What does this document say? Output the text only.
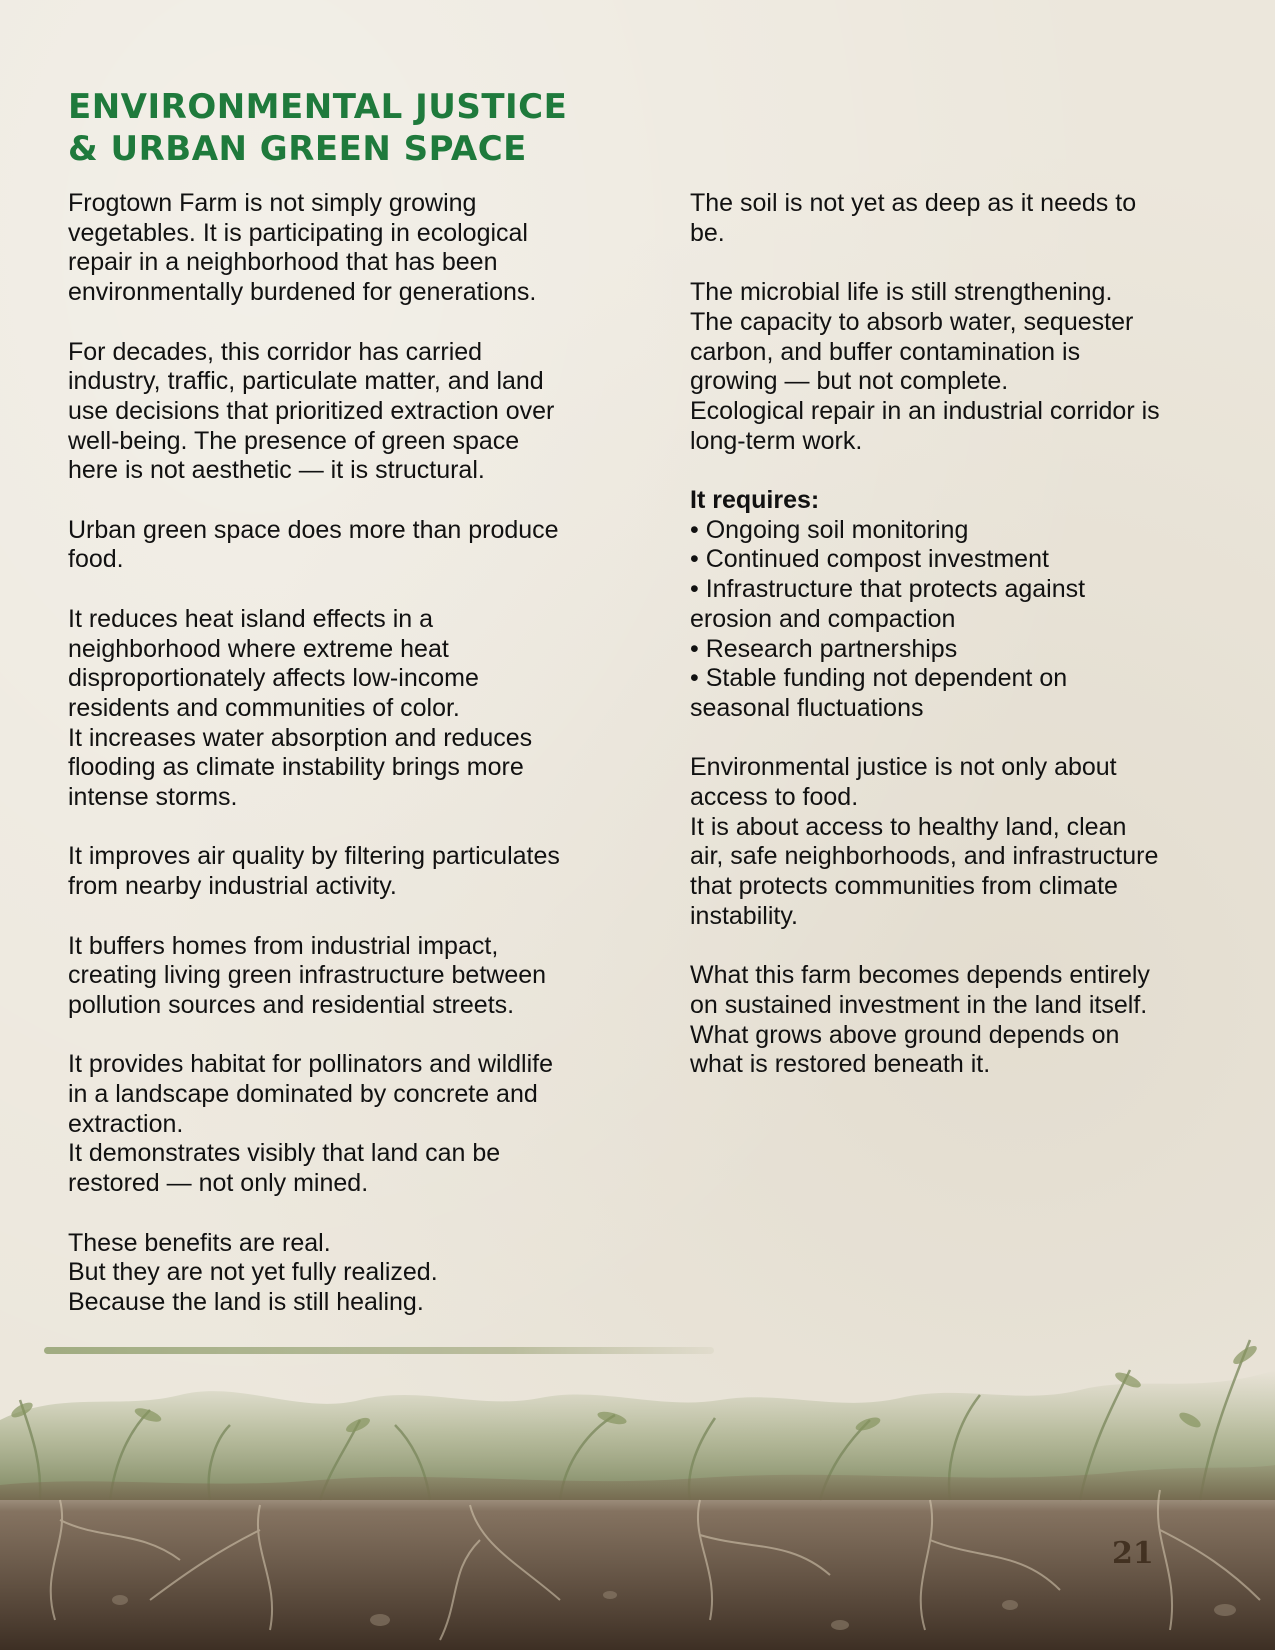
ENVIRONMENTAL JUSTICE
& URBAN GREEN SPACE

Frogtown Farm is not simply growing
vegetables. It is participating in ecological
repair in a neighborhood that has been
environmentally burdened for generations.

For decades, this corridor has carried
industry, traffic, particulate matter, and land
use decisions that prioritized extraction over
well-being. The presence of green space
here is not aesthetic — it is structural.

Urban green space does more than produce
food.

It reduces heat island effects in a
neighborhood where extreme heat
disproportionately affects low-income
residents and communities of color.
It increases water absorption and reduces
flooding as climate instability brings more
intense storms.

It improves air quality by filtering particulates
from nearby industrial activity.

It buffers homes from industrial impact,
creating living green infrastructure between
pollution sources and residential streets.

It provides habitat for pollinators and wildlife
in a landscape dominated by concrete and
extraction.
It demonstrates visibly that land can be
restored — not only mined.

These benefits are real.
But they are not yet fully realized.
Because the land is still healing.

The soil is not yet as deep as it needs to
be.

The microbial life is still strengthening.
The capacity to absorb water, sequester
carbon, and buffer contamination is
growing — but not complete.
Ecological repair in an industrial corridor is
long-term work.

It requires:
• Ongoing soil monitoring
• Continued compost investment
• Infrastructure that protects against
erosion and compaction
• Research partnerships
• Stable funding not dependent on
seasonal fluctuations

Environmental justice is not only about
access to food.
It is about access to healthy land, clean
air, safe neighborhoods, and infrastructure
that protects communities from climate
instability.

What this farm becomes depends entirely
on sustained investment in the land itself.
What grows above ground depends on
what is restored beneath it.

21
